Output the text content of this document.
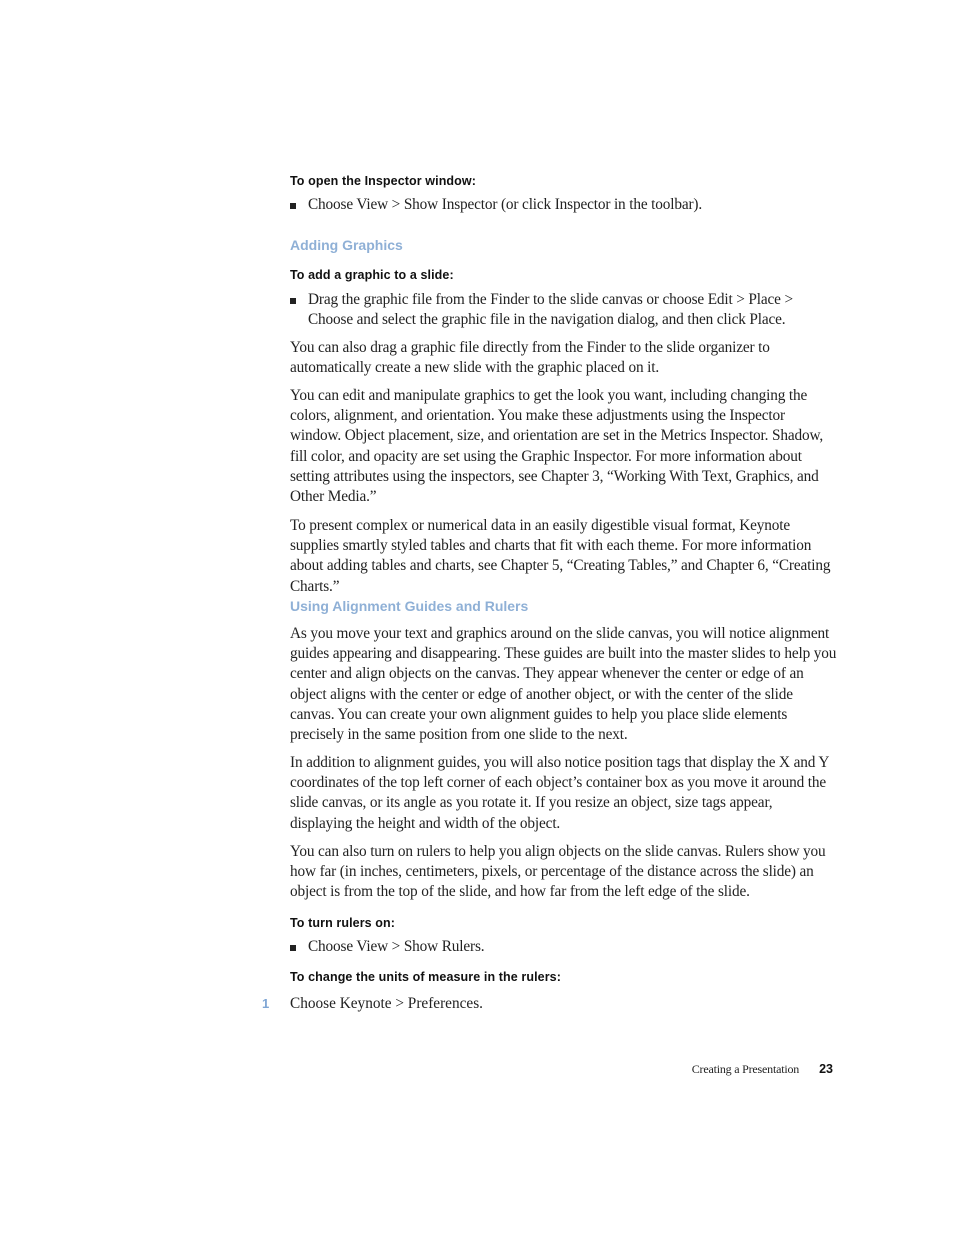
To open the Inspector window:
Choose View > Show Inspector (or click Inspector in the toolbar).
Adding Graphics
To add a graphic to a slide:
Drag the graphic file from the Finder to the slide canvas or choose Edit > Place > Choose and select the graphic file in the navigation dialog, and then click Place.
You can also drag a graphic file directly from the Finder to the slide organizer to automatically create a new slide with the graphic placed on it.
You can edit and manipulate graphics to get the look you want, including changing the colors, alignment, and orientation. You make these adjustments using the Inspector window. Object placement, size, and orientation are set in the Metrics Inspector. Shadow, fill color, and opacity are set using the Graphic Inspector. For more information about setting attributes using the inspectors, see Chapter 3, “Working With Text, Graphics, and Other Media.”
To present complex or numerical data in an easily digestible visual format, Keynote supplies smartly styled tables and charts that fit with each theme. For more information about adding tables and charts, see Chapter 5, “Creating Tables,” and Chapter 6, “Creating Charts.”
Using Alignment Guides and Rulers
As you move your text and graphics around on the slide canvas, you will notice alignment guides appearing and disappearing. These guides are built into the master slides to help you center and align objects on the canvas. They appear whenever the center or edge of an object aligns with the center or edge of another object, or with the center of the slide canvas. You can create your own alignment guides to help you place slide elements precisely in the same position from one slide to the next.
In addition to alignment guides, you will also notice position tags that display the X and Y coordinates of the top left corner of each object’s container box as you move it around the slide canvas, or its angle as you rotate it. If you resize an object, size tags appear, displaying the height and width of the object.
You can also turn on rulers to help you align objects on the slide canvas. Rulers show you how far (in inches, centimeters, pixels, or percentage of the distance across the slide) an object is from the top of the slide, and how far from the left edge of the slide.
To turn rulers on:
Choose View > Show Rulers.
To change the units of measure in the rulers:
1 Choose Keynote > Preferences.
Creating a Presentation 23
